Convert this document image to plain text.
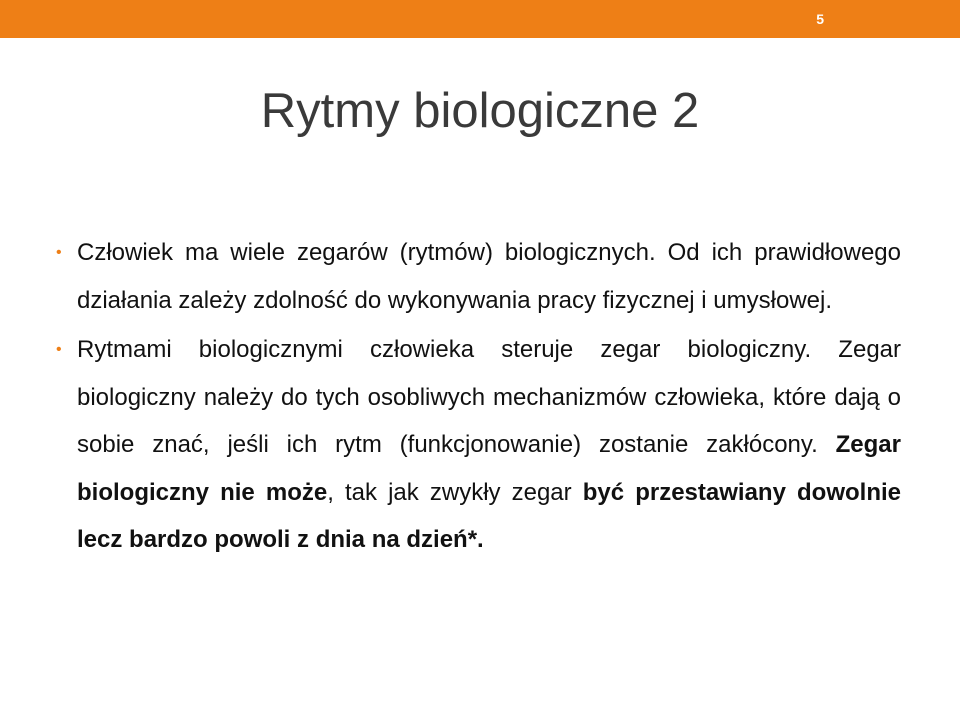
5
Rytmy biologiczne 2
• Człowiek ma wiele zegarów (rytmów) biologicznych. Od ich prawidłowego działania zależy zdolność do wykonywania pracy fizycznej i umysłowej.
• Rytmami biologicznymi człowieka steruje zegar biologiczny. Zegar biologiczny należy do tych osobliwych mechanizmów człowieka, które dają o sobie znać, jeśli ich rytm (funkcjonowanie) zostanie zakłócony. Zegar biologiczny nie może, tak jak zwykły zegar być przestawiany dowolnie lecz bardzo powoli z dnia na dzień*.
